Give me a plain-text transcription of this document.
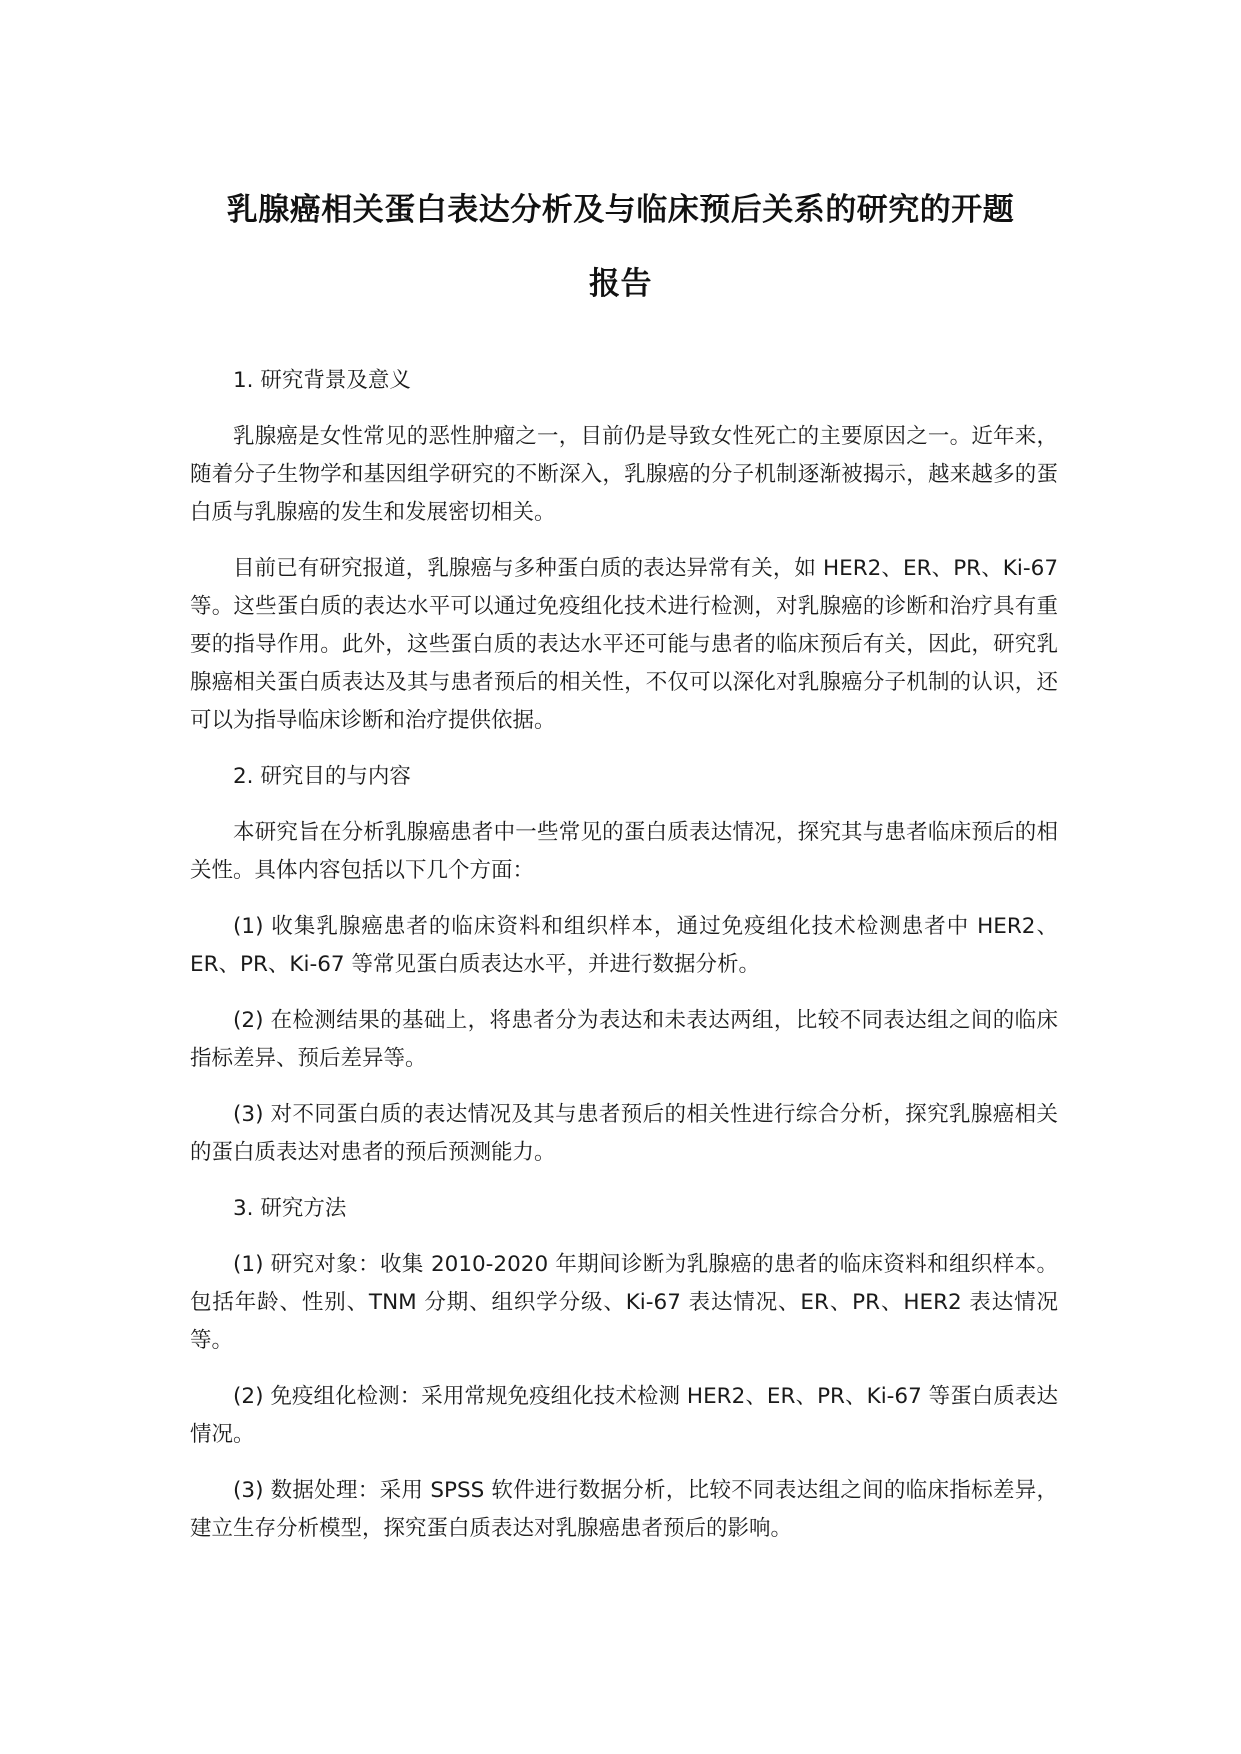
乳腺癌相关蛋白表达分析及与临床预后关系的研究的开题
报告

1. 研究背景及意义

乳腺癌是女性常见的恶性肿瘤之一，目前仍是导致女性死亡的主要原因之一。近年来，随着分子生物学和基因组学研究的不断深入，乳腺癌的分子机制逐渐被揭示，越来越多的蛋白质与乳腺癌的发生和发展密切相关。

目前已有研究报道，乳腺癌与多种蛋白质的表达异常有关，如 HER2、ER、PR、Ki-67 等。这些蛋白质的表达水平可以通过免疫组化技术进行检测，对乳腺癌的诊断和治疗具有重要的指导作用。此外，这些蛋白质的表达水平还可能与患者的临床预后有关，因此，研究乳腺癌相关蛋白质表达及其与患者预后的相关性，不仅可以深化对乳腺癌分子机制的认识，还可以为指导临床诊断和治疗提供依据。

2. 研究目的与内容

本研究旨在分析乳腺癌患者中一些常见的蛋白质表达情况，探究其与患者临床预后的相关性。具体内容包括以下几个方面：

(1) 收集乳腺癌患者的临床资料和组织样本，通过免疫组化技术检测患者中 HER2、ER、PR、Ki-67 等常见蛋白质表达水平，并进行数据分析。

(2) 在检测结果的基础上，将患者分为表达和未表达两组，比较不同表达组之间的临床指标差异、预后差异等。

(3) 对不同蛋白质的表达情况及其与患者预后的相关性进行综合分析，探究乳腺癌相关的蛋白质表达对患者的预后预测能力。

3. 研究方法

(1) 研究对象：收集 2010-2020 年期间诊断为乳腺癌的患者的临床资料和组织样本。包括年龄、性别、TNM 分期、组织学分级、Ki-67 表达情况、ER、PR、HER2 表达情况等。

(2) 免疫组化检测：采用常规免疫组化技术检测 HER2、ER、PR、Ki-67 等蛋白质表达情况。

(3) 数据处理：采用 SPSS 软件进行数据分析，比较不同表达组之间的临床指标差异，建立生存分析模型，探究蛋白质表达对乳腺癌患者预后的影响。
